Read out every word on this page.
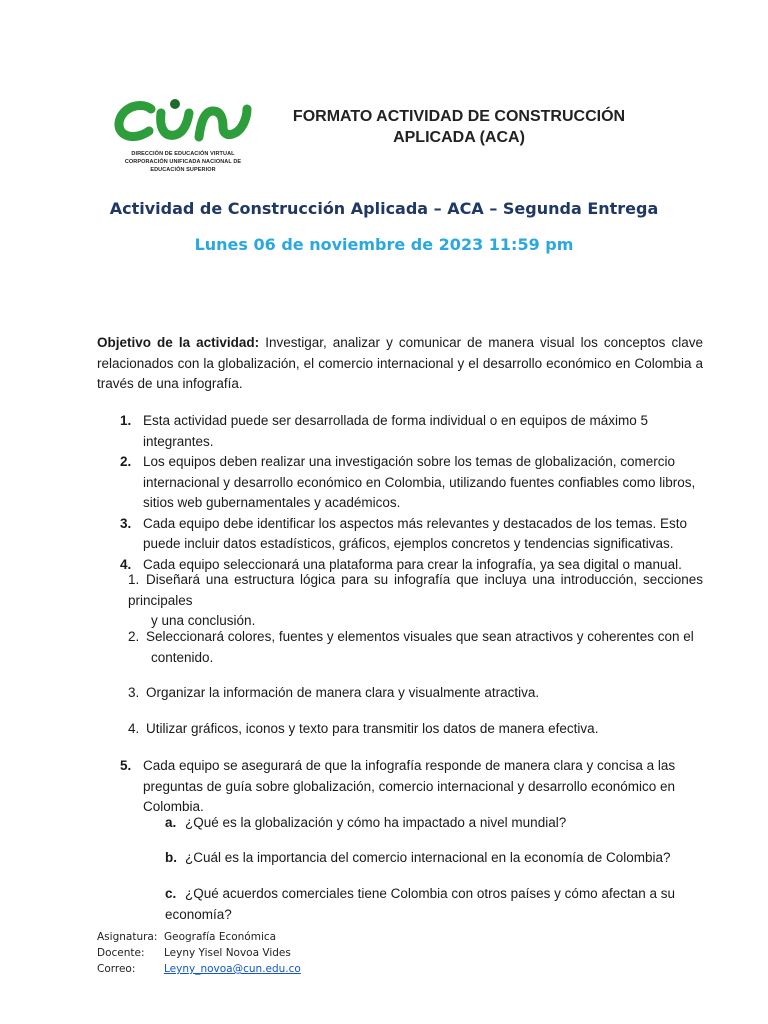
DIRECCIÓN DE EDUCACIÓN VIRTUAL
CORPORACIÓN UNIFICADA NACIONAL DE
EDUCACIÓN SUPERIOR
FORMATO ACTIVIDAD DE CONSTRUCCIÓN
APLICADA (ACA)
Actividad de Construcción Aplicada – ACA – Segunda Entrega
Lunes 06 de noviembre de 2023 11:59 pm
Objetivo de la actividad: Investigar, analizar y comunicar de manera visual los conceptos clave relacionados con la globalización, el comercio internacional y el desarrollo económico en Colombia a través de una infografía.
1. Esta actividad puede ser desarrollada de forma individual o en equipos de máximo 5 integrantes.
2. Los equipos deben realizar una investigación sobre los temas de globalización, comercio internacional y desarrollo económico en Colombia, utilizando fuentes confiables como libros, sitios web gubernamentales y académicos.
3. Cada equipo debe identificar los aspectos más relevantes y destacados de los temas. Esto puede incluir datos estadísticos, gráficos, ejemplos concretos y tendencias significativas.
4. Cada equipo seleccionará una plataforma para crear la infografía, ya sea digital o manual.
1. Diseñará una estructura lógica para su infografía que incluya una introducción, secciones principales
y una conclusión.
2. Seleccionará colores, fuentes y elementos visuales que sean atractivos y coherentes con el
contenido.
3. Organizar la información de manera clara y visualmente atractiva.
4. Utilizar gráficos, iconos y texto para transmitir los datos de manera efectiva.
5. Cada equipo se asegurará de que la infografía responde de manera clara y concisa a las preguntas de guía sobre globalización, comercio internacional y desarrollo económico en Colombia.
a. ¿Qué es la globalización y cómo ha impactado a nivel mundial?
b. ¿Cuál es la importancia del comercio internacional en la economía de Colombia?
c. ¿Qué acuerdos comerciales tiene Colombia con otros países y cómo afectan a su economía?
Asignatura: Geografía Económica
Docente:	Leyny Yisel Novoa Vides
Correo:	Leyny_novoa@cun.edu.co
